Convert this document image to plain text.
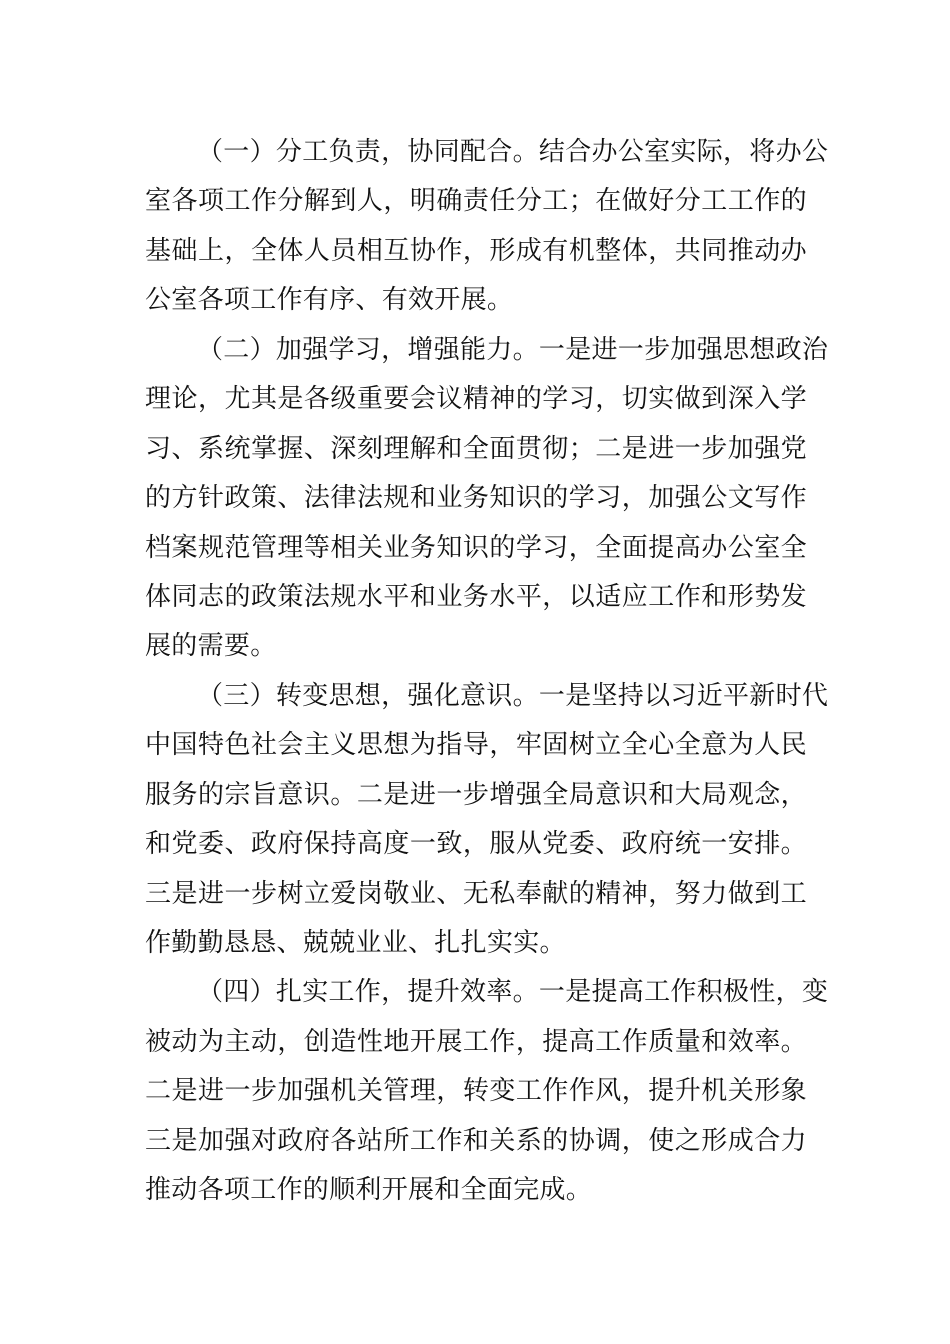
（一）分工负责，协同配合。结合办公室实际，将办公
室各项工作分解到人，明确责任分工；在做好分工工作的
基础上，全体人员相互协作，形成有机整体，共同推动办
公室各项工作有序、有效开展。
（二）加强学习，增强能力。一是进一步加强思想政治
理论，尤其是各级重要会议精神的学习，切实做到深入学
习、系统掌握、深刻理解和全面贯彻；二是进一步加强党
的方针政策、法律法规和业务知识的学习，加强公文写作
档案规范管理等相关业务知识的学习，全面提高办公室全
体同志的政策法规水平和业务水平，以适应工作和形势发
展的需要。
（三）转变思想，强化意识。一是坚持以习近平新时代
中国特色社会主义思想为指导，牢固树立全心全意为人民
服务的宗旨意识。二是进一步增强全局意识和大局观念，
和党委、政府保持高度一致，服从党委、政府统一安排。
三是进一步树立爱岗敬业、无私奉献的精神，努力做到工
作勤勤恳恳、兢兢业业、扎扎实实。
（四）扎实工作，提升效率。一是提高工作积极性，变
被动为主动，创造性地开展工作，提高工作质量和效率。
二是进一步加强机关管理，转变工作作风，提升机关形象
三是加强对政府各站所工作和关系的协调，使之形成合力
推动各项工作的顺利开展和全面完成。
